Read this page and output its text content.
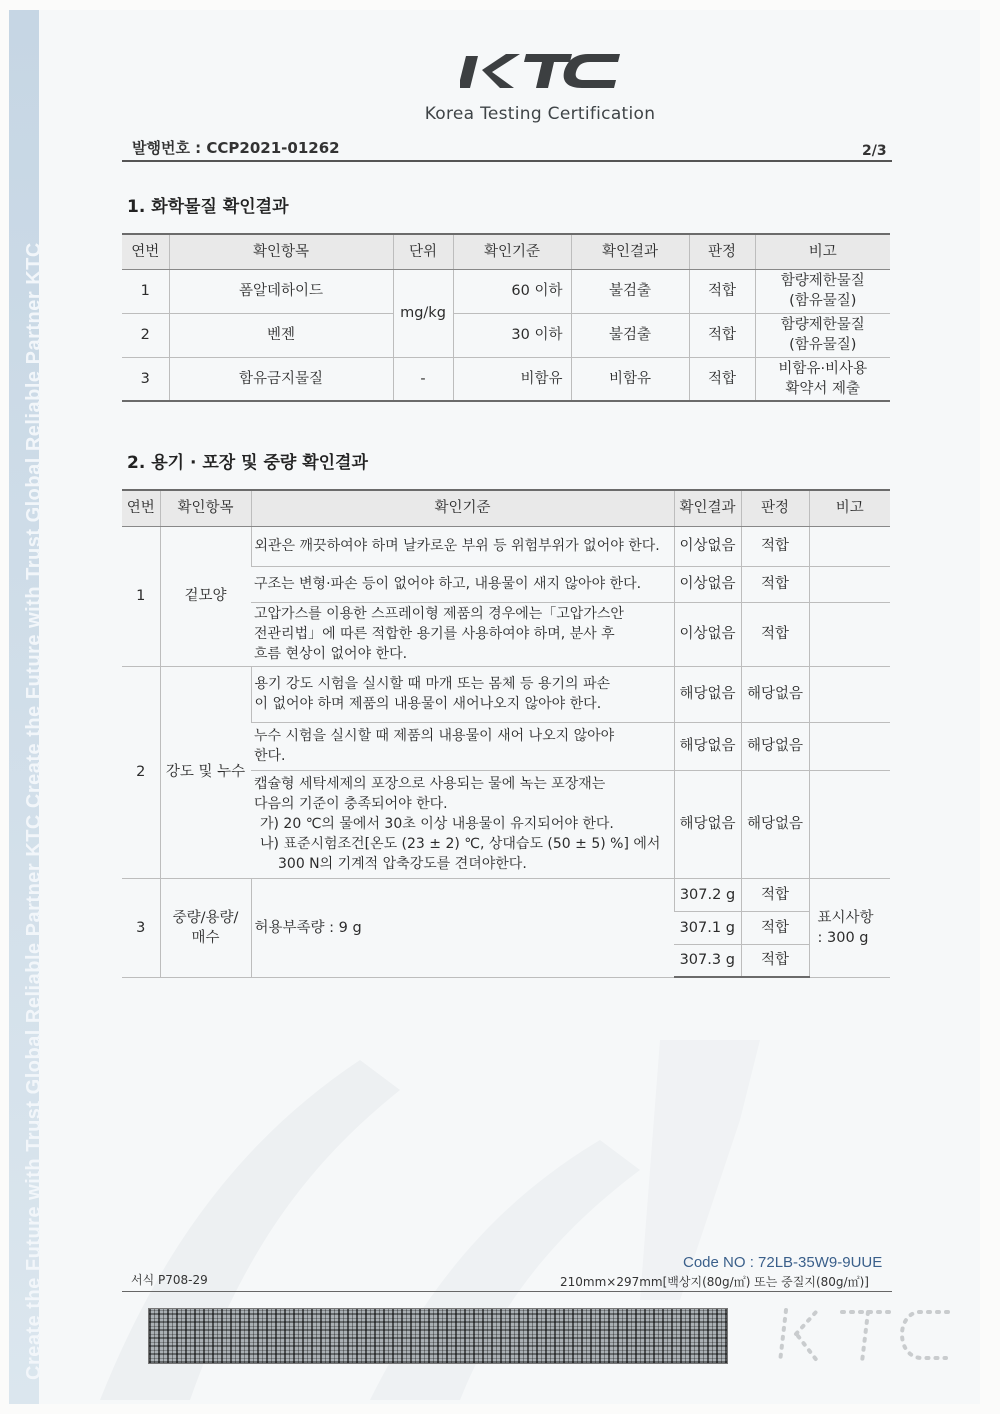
Create the Future with Trust Global Reliable Partner KTC Create the Future with Trust Global Reliable Partner KTC
Korea Testing Certification
발행번호 : CCP2021-01262	2/3
1. 화학물질 확인결과
연번	확인항목	단위	확인기준	확인결과	판정	비고
1	폼알데하이드	mg/kg	60 이하	불검출	적합	함량제한물질
(함유물질)
2	벤젠		30 이하	불검출	적합	함량제한물질
(함유물질)
3	함유금지물질	-	비함유	비함유	적합	비함유·비사용
확약서 제출
2. 용기 · 포장 및 중량 확인결과
연번	확인항목	확인기준	확인결과	판정	비고
1	겉모양	외관은 깨끗하여야 하며 날카로운 부위 등 위험부위가 없어야 한다.	이상없음	적합	
		구조는 변형·파손 등이 없어야 하고, 내용물이 새지 않아야 한다.	이상없음	적합	

		고압가스를 이용한 스프레이형 제품의 경우에는「고압가스안
전관리법」에 따른 적합한 용기를 사용하여야 하며, 분사 후
흐름 현상이 없어야 한다.	이상없음	적합	
2	강도 및 누수	용기 강도 시험을 실시할 때 마개 또는 몸체 등 용기의 파손
이 없어야 하며 제품의 내용물이 새어나오지 않아야 한다.	해당없음	해당없음	

		누수 시험을 실시할 때 제품의 내용물이 새어 나오지 않아야
한다.	해당없음	해당없음	

		캡슐형 세탁세제의 포장으로 사용되는 물에 녹는 포장재는
다음의 기준이 충족되어야 한다.
가) 20 ℃의 물에서 30초 이상 내용물이 유지되어야 한다.
나) 표준시험조건[온도 (23 ± 2) ℃, 상대습도 (50 ± 5) %] 에서
300 N의 기계적 압축강도를 견뎌야한다.	해당없음	해당없음	
3	중량/용량/
매수	허용부족량 : 9 g	307.2 g	적합	표시사항
: 300 g
			307.1 g	적합	
			307.3 g	적합	
Code NO : 72LB-35W9-9UUE
서식 P708-29	210mm×297mm[백상지(80g/㎡) 또는 중질지(80g/㎡)]
